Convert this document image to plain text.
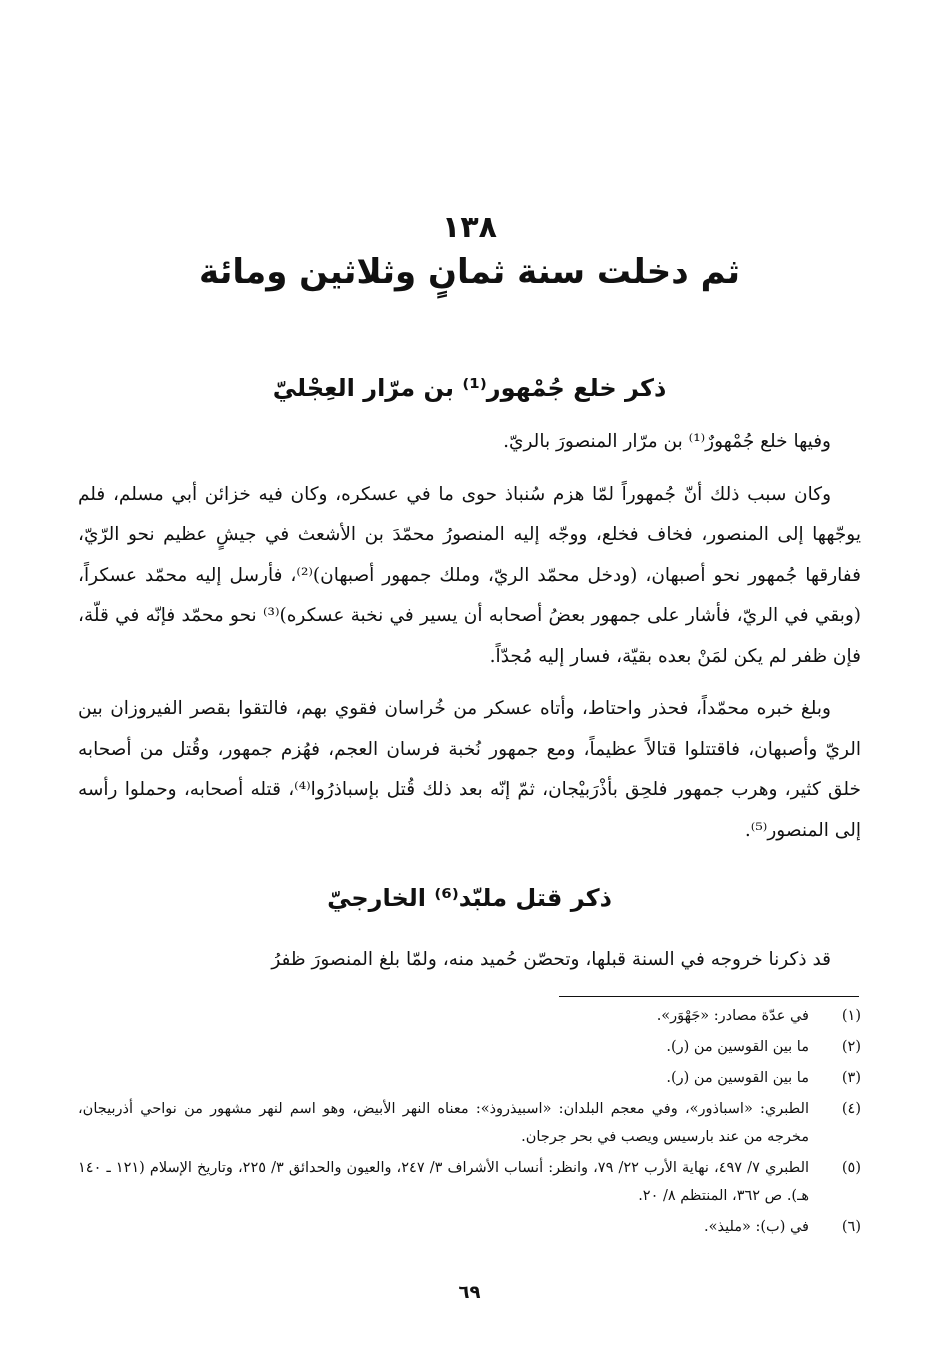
١٣٨
ثم دخلت سنة ثمانٍ وثلاثين ومائة
ذكر خلع جُمْهور⁽¹⁾ بن مرّار العِجْليّ

وفيها خلع جُمْهورٌ⁽¹⁾ بن مرّار المنصورَ بالريّ.

وكان سبب ذلك أنّ جُمهوراً لمّا هزم سُنباذ حوى ما في عسكره، وكان فيه خزائن أبي مسلم، فلم يوجّهها إلى المنصور، فخاف فخلع، ووجّه إليه المنصورُ محمّدَ بن الأشعث في جيشٍ عظيم نحو الرّيّ، ففارقها جُمهور نحو أصبهان، (ودخل محمّد الريّ، وملك جمهور أصبهان)⁽²⁾، فأرسل إليه محمّد عسكراً، (وبقي في الريّ، فأشار على جمهور بعضُ أصحابه أن يسير في نخبة عسكره)⁽³⁾ نحو محمّد فإنّه في قلّة، فإن ظفر لم يكن لمَنْ بعده بقيّة، فسار إليه مُجدّاً.

وبلغ خبره محمّداً، فحذر واحتاط، وأتاه عسكر من خُراسان فقوي بهم، فالتقوا بقصر الفيروزان بين الريّ وأصبهان، فاقتتلوا قتالاً عظيماً، ومع جمهور نُخبة فرسان العجم، فهُزم جمهور، وقُتل من أصحابه خلق كثير، وهرب جمهور فلحِق بأذْرَبيْجان، ثمّ إنّه بعد ذلك قُتل بإسباذرُوا⁽⁴⁾، قتله أصحابه، وحملوا رأسه إلى المنصور⁽⁵⁾.

ذكر قتل ملبّد⁽⁶⁾ الخارجيّ

قد ذكرنا خروجه في السنة قبلها، وتحصّن حُميد منه، ولمّا بلغ المنصورَ ظفرُ

(١)
في عدّة مصادر: «جَهْوَر».
(٢)
ما بين القوسين من (ر).
(٣)
ما بين القوسين من (ر).
(٤)
الطبري: «اسباذور»، وفي معجم البلدان: «اسبيذروذ»: معناه النهر الأبيض، وهو اسم لنهر مشهور من نواحي أذربيجان، مخرجه من عند بارسيس ويصب في بحر جرجان.
(٥)
الطبري ٧/ ٤٩٧، نهاية الأرب ٢٢/ ٧٩، وانظر: أنساب الأشراف ٣/ ٢٤٧، والعيون والحدائق ٣/ ٢٢٥، وتاريخ الإسلام (١٢١ ـ ١٤٠ هـ). ص ٣٦٢، المنتظم ٨/ ٢٠.
(٦)
في (ب): «مليذ».
٦٩
